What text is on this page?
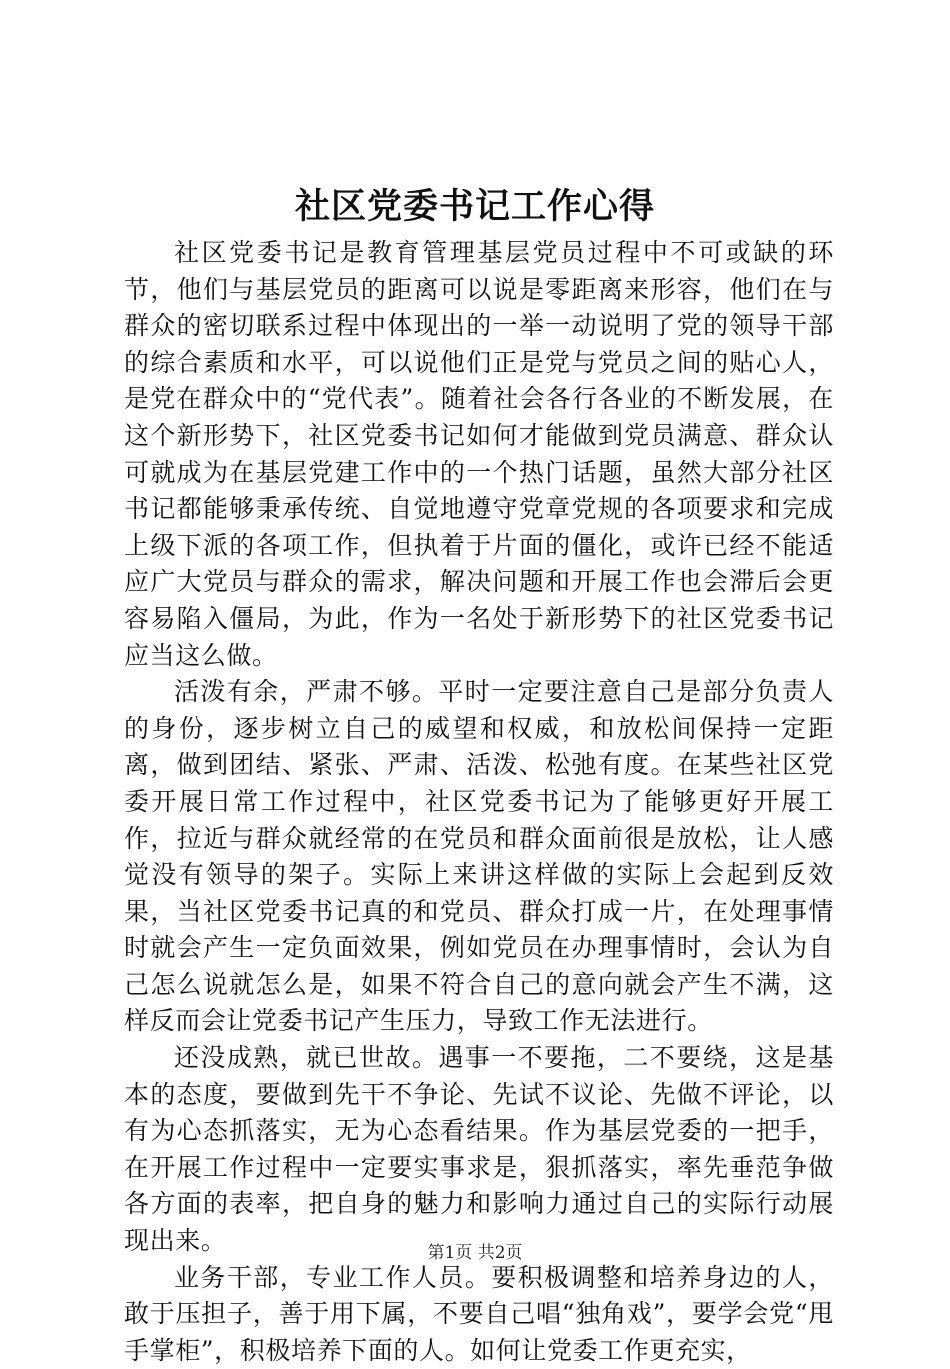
社区党委书记工作心得

社区党委书记是教育管理基层党员过程中不可或缺的环节，他们与基层党员的距离可以说是零距离来形容，他们在与群众的密切联系过程中体现出的一举一动说明了党的领导干部的综合素质和水平，可以说他们正是党与党员之间的贴心人，是党在群众中的“党代表”。随着社会各行各业的不断发展，在这个新形势下，社区党委书记如何才能做到党员满意、群众认可就成为在基层党建工作中的一个热门话题，虽然大部分社区书记都能够秉承传统、自觉地遵守党章党规的各项要求和完成上级下派的各项工作，但执着于片面的僵化，或许已经不能适应广大党员与群众的需求，解决问题和开展工作也会滞后会更容易陷入僵局，为此，作为一名处于新形势下的社区党委书记应当这么做。

活泼有余，严肃不够。平时一定要注意自己是部分负责人的身份，逐步树立自己的威望和权威，和放松间保持一定距离，做到团结、紧张、严肃、活泼、松弛有度。在某些社区党委开展日常工作过程中，社区党委书记为了能够更好开展工作，拉近与群众就经常的在党员和群众面前很是放松，让人感觉没有领导的架子。实际上来讲这样做的实际上会起到反效果，当社区党委书记真的和党员、群众打成一片，在处理事情时就会产生一定负面效果，例如党员在办理事情时，会认为自己怎么说就怎么是，如果不符合自己的意向就会产生不满，这样反而会让党委书记产生压力，导致工作无法进行。

还没成熟，就已世故。遇事一不要拖，二不要绕，这是基本的态度，要做到先干不争论、先试不议论、先做不评论，以有为心态抓落实，无为心态看结果。作为基层党委的一把手，在开展工作过程中一定要实事求是，狠抓落实，率先垂范争做各方面的表率，把自身的魅力和影响力通过自己的实际行动展现出来。

业务干部，专业工作人员。要积极调整和培养身边的人，敢于压担子，善于用下属，不要自己唱“独角戏”，要学会党“甩手掌柜”，积极培养下面的人。如何让党委工作更充实，

第1页 共2页
